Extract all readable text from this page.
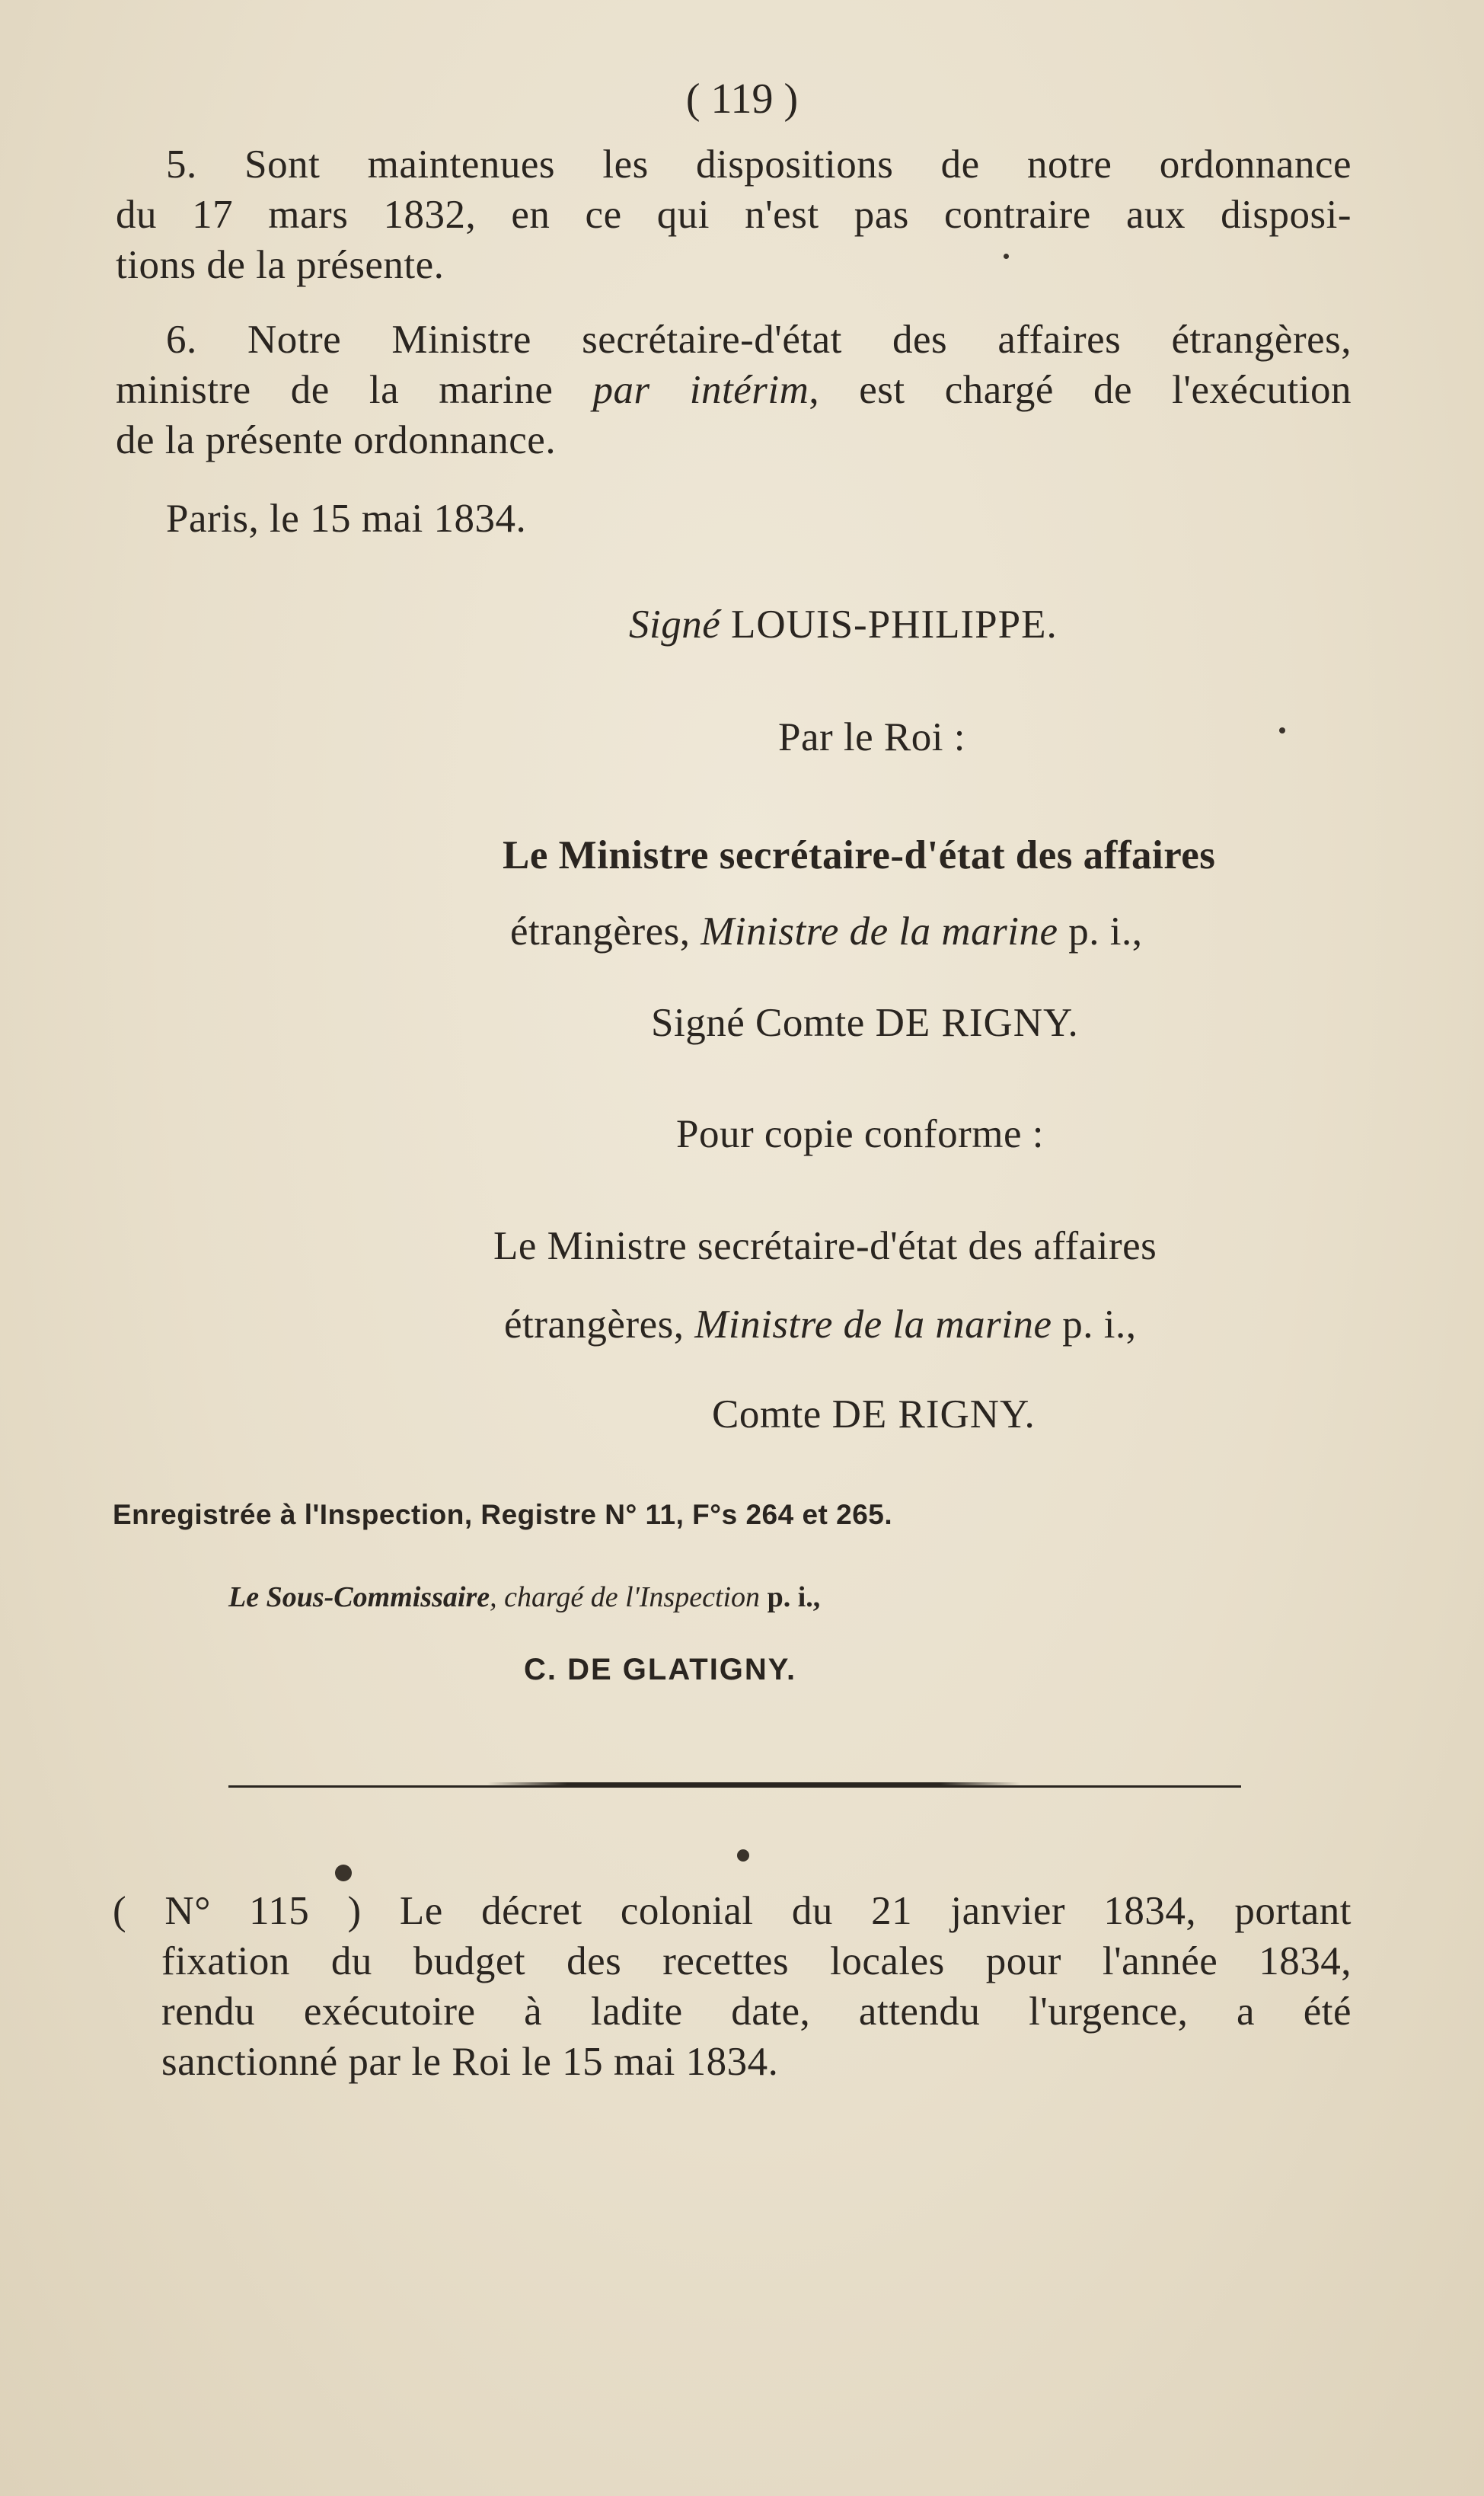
( 119 )
5. Sont maintenues les dispositions de notre ordonnance
du 17 mars 1832, en ce qui n'est pas contraire aux disposi-
tions de la présente.
6. Notre Ministre secrétaire-d'état des affaires étrangères,
ministre de la marine par intérim, est chargé de l'exécution
de la présente ordonnance.
Paris, le 15 mai 1834.
Signé LOUIS-PHILIPPE.
Par le Roi :
Le Ministre secrétaire-d'état des affaires
étrangères, Ministre de la marine p. i.,
Signé Comte DE RIGNY.
Pour copie conforme :
Le Ministre secrétaire-d'état des affaires
étrangères, Ministre de la marine p. i.,
Comte DE RIGNY.
Enregistrée à l'Inspection, Registre N° 11, F°s 264 et 265.
Le Sous-Commissaire, chargé de l'Inspection p. i.,
C. DE GLATIGNY.
( N° 115 ) Le décret colonial du 21 janvier 1834, portant
fixation du budget des recettes locales pour l'année 1834,
rendu exécutoire à ladite date, attendu l'urgence, a été
sanctionné par le Roi le 15 mai 1834.
